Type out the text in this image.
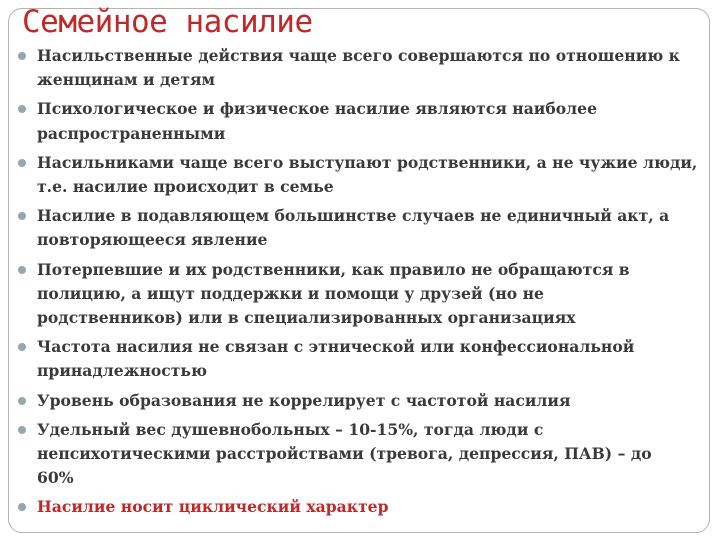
Семейное насилие
Насильственные действия чаще всего совершаются по отношению к
женщинам и детям
Психологическое и физическое насилие являются наиболее
распространенными
Насильниками чаще всего выступают родственники, а не чужие люди,
т.е. насилие происходит в семье
Насилие в подавляющем большинстве случаев не единичный акт, а
повторяющееся явление
Потерпевшие и их родственники, как правило не обращаются в
полицию, а ищут поддержки и помощи у друзей (но не
родственников) или в специализированных организациях
Частота насилия не связан с этнической или конфессиональной
принадлежностью
Уровень образования не коррелирует с частотой насилия
Удельный вес душевнобольных – 10-15%, тогда люди с
непсихотическими расстройствами (тревога, депрессия, ПАВ) – до
60%
Насилие носит циклический характер
